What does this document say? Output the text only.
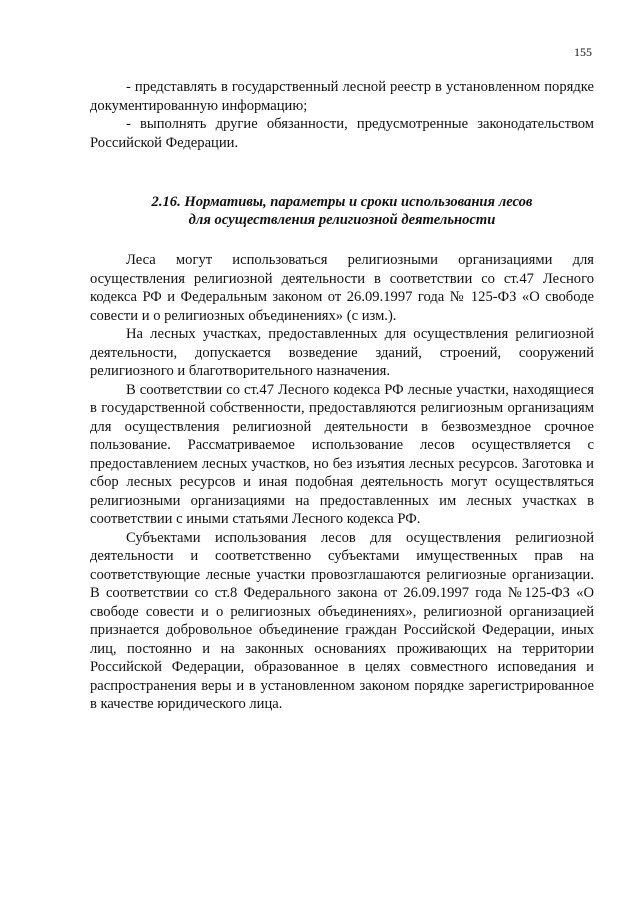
155

- представлять в государственный лесной реестр в установленном порядке документированную информацию;

- выполнять другие обязанности, предусмотренные законодательством Российской Федерации.

2.16. Нормативы, параметры и сроки использования лесов
для осуществления религиозной деятельности

Леса могут использоваться религиозными организациями для осуществления религиозной деятельности в соответствии со ст.47 Лесного кодекса РФ и Федеральным законом от 26.09.1997 года № 125-ФЗ «О свободе совести и о религиозных объединениях» (с изм.).

На лесных участках, предоставленных для осуществления религиозной деятельности, допускается возведение зданий, строений, сооружений религиозного и благотворительного назначения.

В соответствии со ст.47 Лесного кодекса РФ лесные участки, находящиеся в государственной собственности, предоставляются религиозным организациям для осуществления религиозной деятельности в безвозмездное срочное пользование. Рассматриваемое использование лесов осуществляется с предоставлением лесных участков, но без изъятия лесных ресурсов. Заготовка и сбор лесных ресурсов и иная подобная деятельность могут осуществляться религиозными организациями на предоставленных им лесных участках в соответствии с иными статьями Лесного кодекса РФ.

Субъектами использования лесов для осуществления религиозной деятельности и соответственно субъектами имущественных прав на соответствующие лесные участки провозглашаются религиозные организации. В соответствии со ст.8 Федерального закона от 26.09.1997 года №125-ФЗ «О свободе совести и о религиозных объединениях», религиозной организацией признается добровольное объединение граждан Российской Федерации, иных лиц, постоянно и на законных основаниях проживающих на территории Российской Федерации, образованное в целях совместного исповедания и распространения веры и в установленном законом порядке зарегистрированное в качестве юридического лица.
